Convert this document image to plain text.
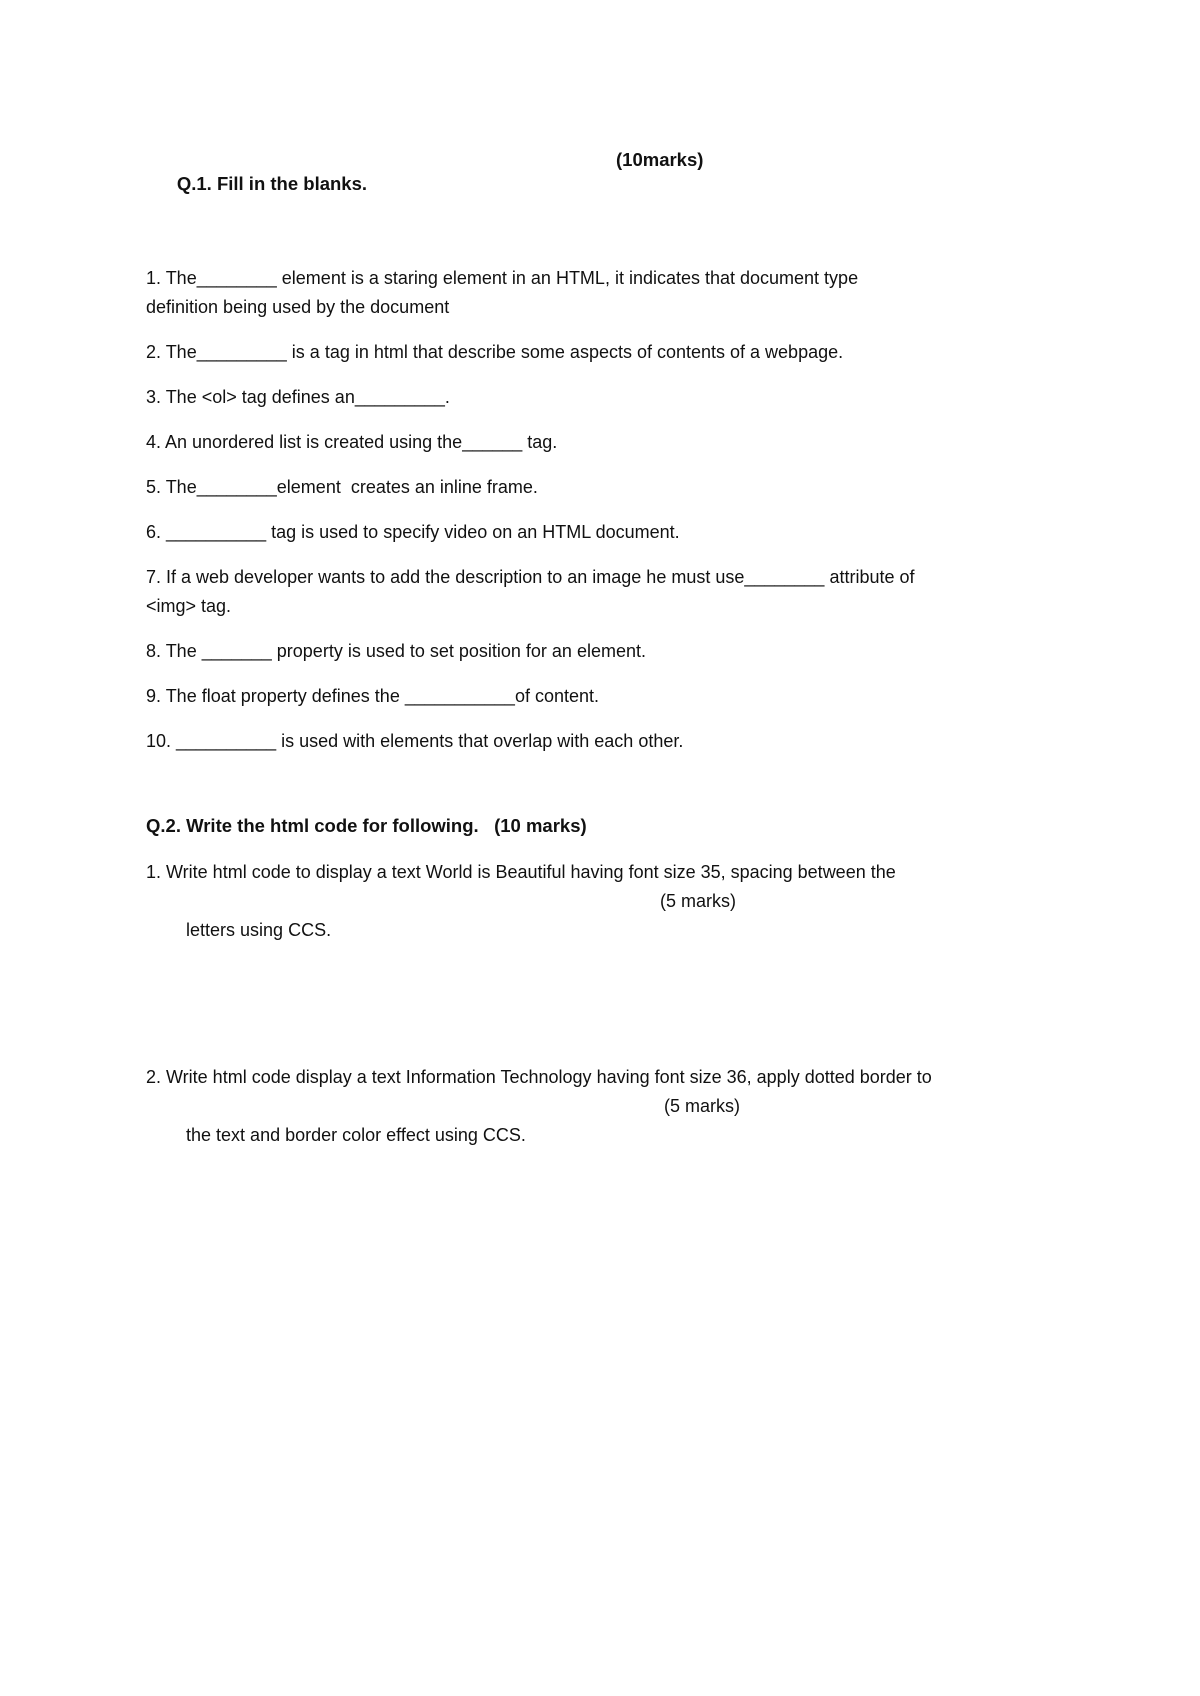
Q.1. Fill in the blanks.

(10marks)

1. The________ element is a staring element in an HTML, it indicates that document type
definition being used by the document
2. The_________ is a tag in html that describe some aspects of contents of a webpage.
3. The <ol> tag defines an_________.
4. An unordered list is created using the______ tag.
5. The________element  creates an inline frame.
6. __________ tag is used to specify video on an HTML document.
7. If a web developer wants to add the description to an image he must use________ attribute of
<img> tag.
8. The _______ property is used to set position for an element.
9. The float property defines the ___________of content.
10. __________ is used with elements that overlap with each other.
Q.2. Write the html code for following.   (10 marks)
1. Write html code to display a text World is Beautiful having font size 35, spacing between the

letters using CCS.

(5 marks)

2. Write html code display a text Information Technology having font size 36, apply dotted border to

the text and border color effect using CCS.

(5 marks)
